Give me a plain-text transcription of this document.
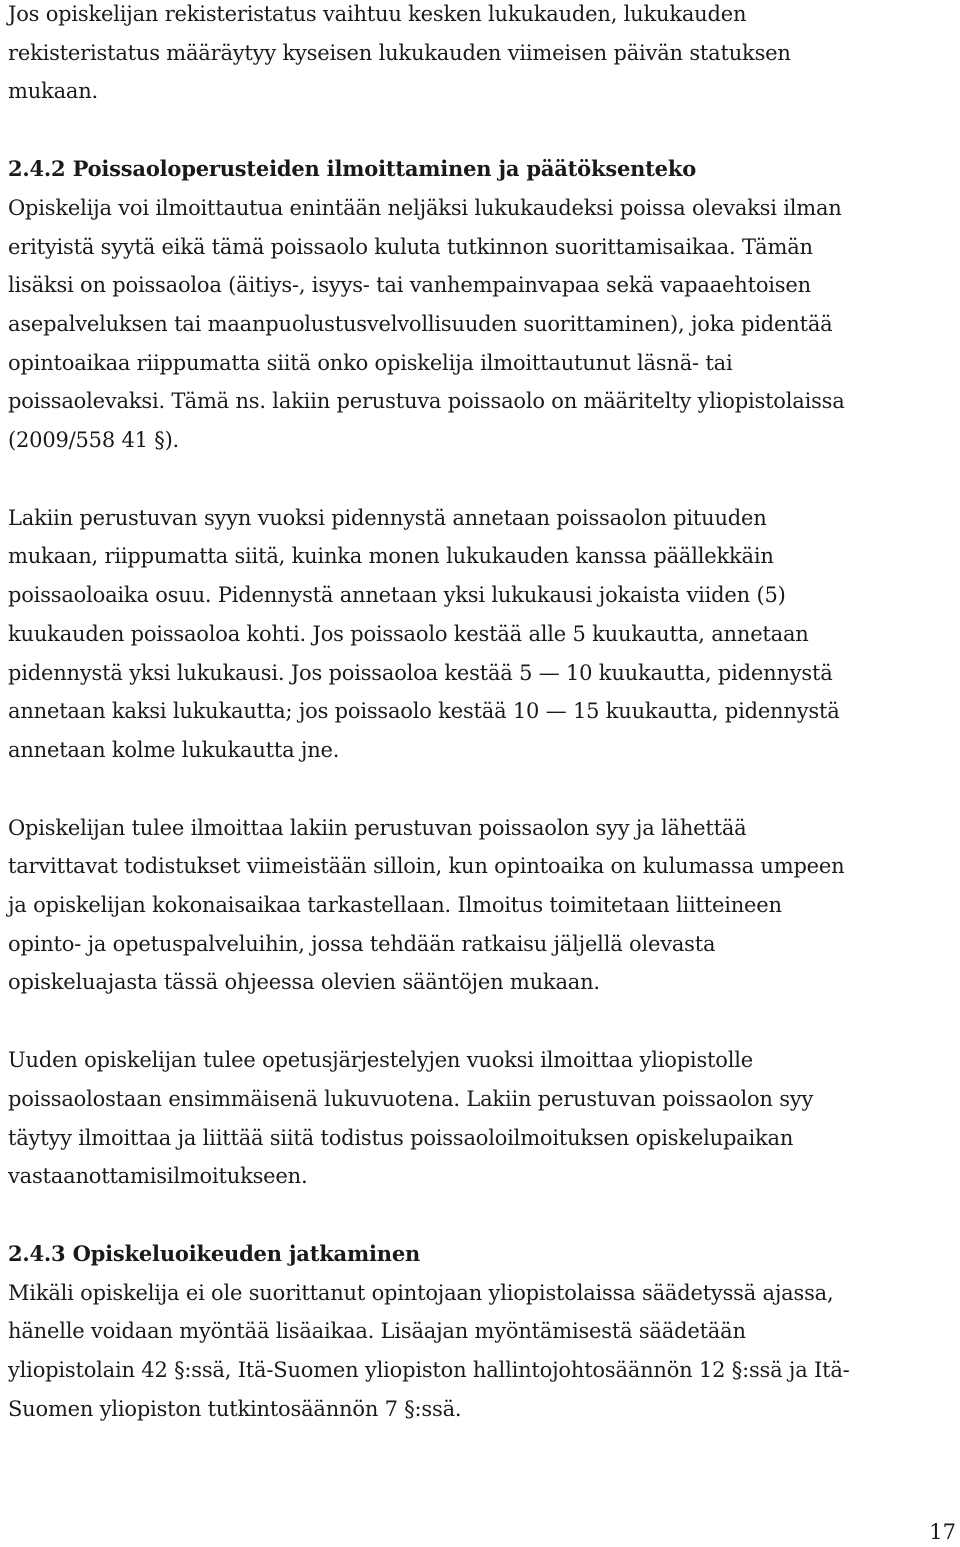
Jos opiskelijan rekisteristatus vaihtuu kesken lukukauden, lukukauden
rekisteristatus määräytyy kyseisen lukukauden viimeisen päivän statuksen
mukaan.
2.4.2 Poissaoloperusteiden ilmoittaminen ja päätöksenteko
Opiskelija voi ilmoittautua enintään neljäksi lukukaudeksi poissa olevaksi ilman
erityistä syytä eikä tämä poissaolo kuluta tutkinnon suorittamisaikaa. Tämän
lisäksi on poissaoloa (äitiys-, isyys- tai vanhempainvapaa sekä vapaaehtoisen
asepalveluksen tai maanpuolustusvelvollisuuden suorittaminen), joka pidentää
opintoaikaa riippumatta siitä onko opiskelija ilmoittautunut läsnä- tai
poissaolevaksi. Tämä ns. lakiin perustuva poissaolo on määritelty yliopistolaissa
(2009/558 41 §).
Lakiin perustuvan syyn vuoksi pidennystä annetaan poissaolon pituuden
mukaan, riippumatta siitä, kuinka monen lukukauden kanssa päällekkäin
poissaoloaika osuu. Pidennystä annetaan yksi lukukausi jokaista viiden (5)
kuukauden poissaoloa kohti. Jos poissaolo kestää alle 5 kuukautta, annetaan
pidennystä yksi lukukausi. Jos poissaoloa kestää 5 — 10 kuukautta, pidennystä
annetaan kaksi lukukautta; jos poissaolo kestää 10 — 15 kuukautta, pidennystä
annetaan kolme lukukautta jne.
Opiskelijan tulee ilmoittaa lakiin perustuvan poissaolon syy ja lähettää
tarvittavat todistukset viimeistään silloin, kun opintoaika on kulumassa umpeen
ja opiskelijan kokonaisaikaa tarkastellaan. Ilmoitus toimitetaan liitteineen
opinto- ja opetuspalveluihin, jossa tehdään ratkaisu jäljellä olevasta
opiskeluajasta tässä ohjeessa olevien sääntöjen mukaan.
Uuden opiskelijan tulee opetusjärjestelyjen vuoksi ilmoittaa yliopistolle
poissaolostaan ensimmäisenä lukuvuotena. Lakiin perustuvan poissaolon syy
täytyy ilmoittaa ja liittää siitä todistus poissaoloilmoituksen opiskelupaikan
vastaanottamisilmoitukseen.
2.4.3 Opiskeluoikeuden jatkaminen
Mikäli opiskelija ei ole suorittanut opintojaan yliopistolaissa säädetyssä ajassa,
hänelle voidaan myöntää lisäaikaa. Lisäajan myöntämisestä säädetään
yliopistolain 42 §:ssä, Itä-Suomen yliopiston hallintojohtosäännön 12 §:ssä ja Itä-
Suomen yliopiston tutkintosäännön 7 §:ssä.
17
